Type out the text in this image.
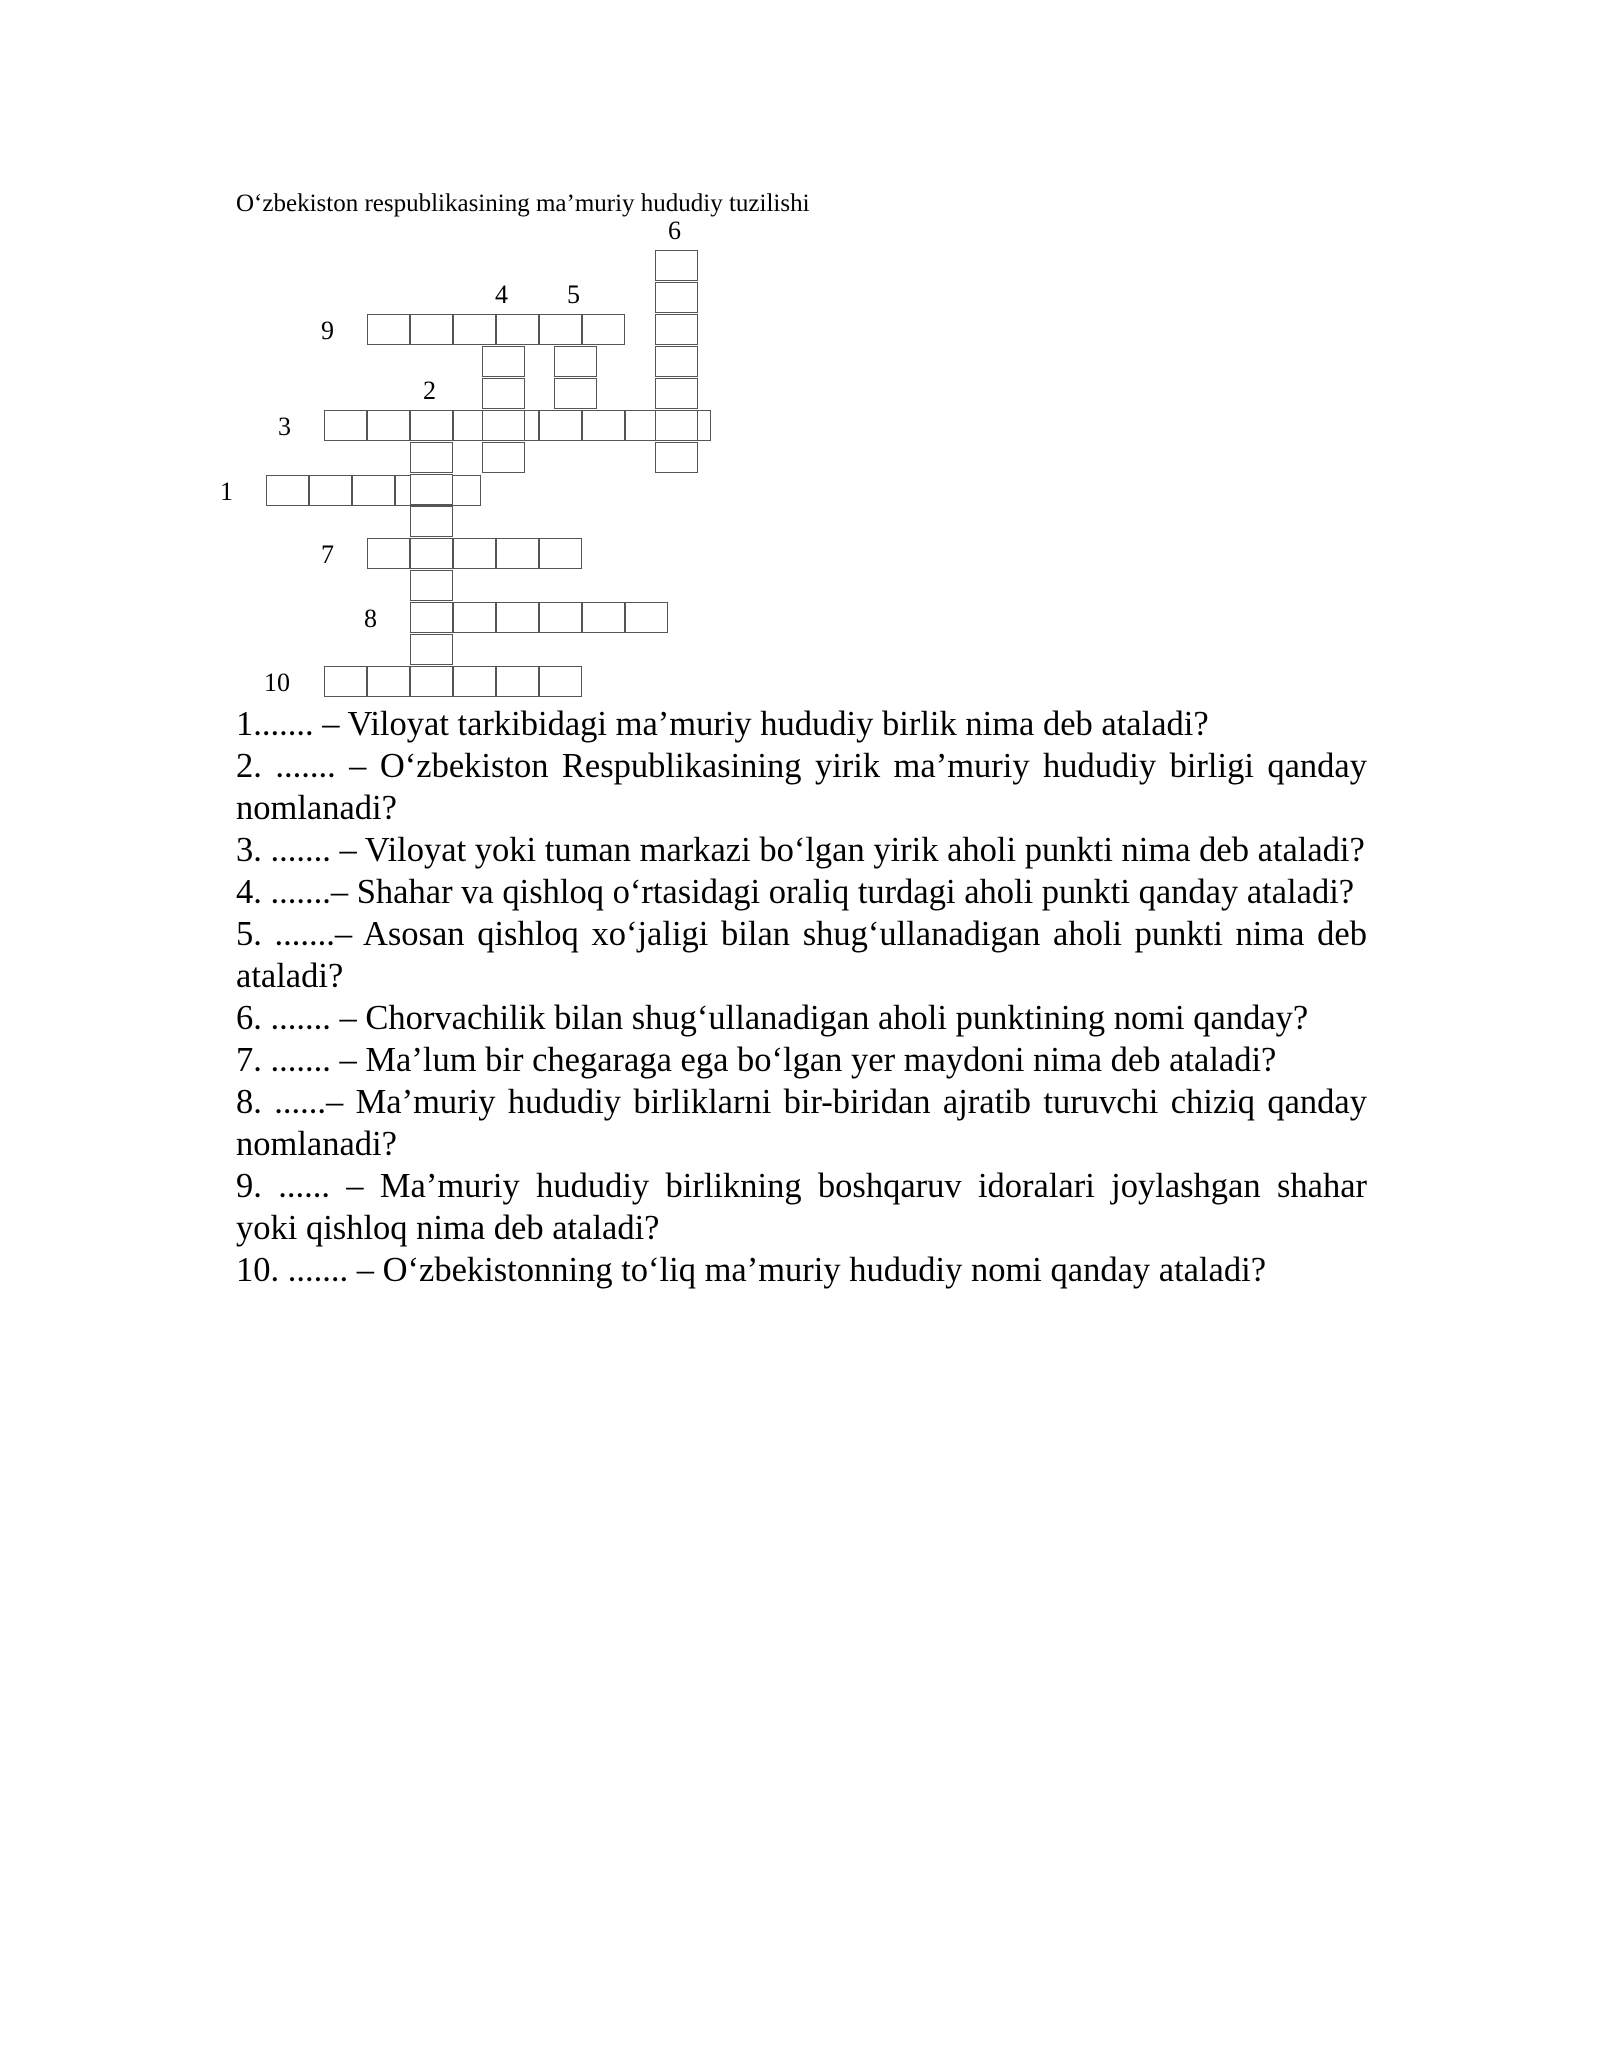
O‘zbekiston respublikasining ma’muriy hududiy tuzilishi
1
2
3
4 5
6
7
8
9
10
1....... – Viloyat tarkibidagi ma’muriy hududiy birlik nima deb ataladi?
2. ....... – O‘zbekiston Respublikasining yirik ma’muriy hududiy birligi qanday nomlanadi?
3. ....... – Viloyat yoki tuman markazi bo‘lgan yirik aholi punkti nima deb ataladi?
4. .......– Shahar va qishloq o‘rtasidagi oraliq turdagi aholi punkti qanday ataladi?
5. .......– Asosan qishloq xo‘jaligi bilan shug‘ullanadigan aholi punkti nima deb ataladi?
6. ....... – Chorvachilik bilan shug‘ullanadigan aholi punktining nomi qanday?
7. ....... – Ma’lum bir chegaraga ega bo‘lgan yer maydoni nima deb ataladi?
8. ......– Ma’muriy hududiy birliklarni bir-biridan ajratib turuvchi chiziq qanday nomlanadi?
9. ...... – Ma’muriy hududiy birlikning boshqaruv idoralari joylashgan shahar yoki qishloq nima deb ataladi?
10. ....... – O‘zbekistonning to‘liq ma’muriy hududiy nomi qanday ataladi?
